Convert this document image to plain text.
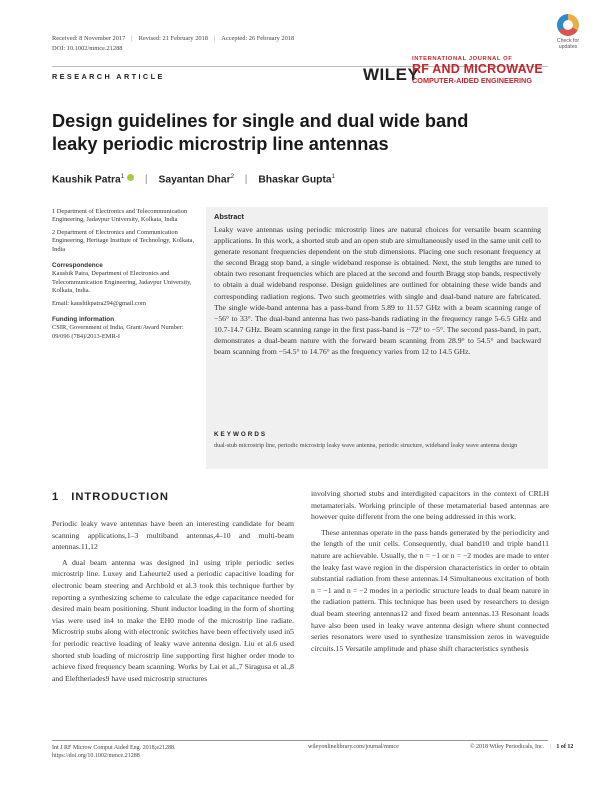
Received: 8 November 2017 | Revised: 21 February 2018 | Accepted: 26 February 2018
DOI: 10.1002/mmce.21288
Check for updates
RESEARCH ARTICLE	WILEY
INTERNATIONAL JOURNAL OF
RF AND MICROWAVE
COMPUTER-AIDED ENGINEERING
Design guidelines for single and dual wide band leaky periodic microstrip line antennas
Kaushik Patra$^1$ | Sayantan Dhar$^2$ | Bhaskar Gupta$^1$

1 Department of Electronics and Telecommunication Engineering, Jadavpur University, Kolkata, India

2 Department of Electronics and Communication Engineering, Heritage Institute of Technology, Kolkata, India

Correspondence

Kaushik Patra, Department of Electronics and Telecommunication Engineering, Jadavpur University, Kolkata, India.

Email: kaushikpatra294@gmail.com

Funding information

CSIR, Government of India, Grant/Award Number: 09/096 (784)/2013-EMR-I

Abstract
Leaky wave antennas using periodic microstrip lines are natural choices for versatile beam scanning applications. In this work, a shorted stub and an open stub are simultaneously used in the same unit cell to generate resonant frequencies dependent on the stub dimensions. Placing one such resonant frequency at the second Bragg stop band, a single wideband response is obtained. Next, the stub lengths are tuned to obtain two resonant frequencies which are placed at the second and fourth Bragg stop bands, respectively to obtain a dual wideband response. Design guidelines are outlined for obtaining these wide bands and corresponding radiation regions. Two such geometries with single and dual-band nature are fabricated. The single wide-band antenna has a pass-band from 5.89 to 11.57 GHz with a beam scanning range of −56° to 33°. The dual-band antenna has two pass-bands radiating in the frequency range 5-6.5 GHz and 10.7-14.7 GHz. Beam scanning range in the first pass-band is −72° to −5°. The second pass-band, in part, demonstrates a dual-beam nature with the forward beam scanning from 28.9° to 54.5° and backward beam scanning from −54.5° to 14.76° as the frequency varies from 12 to 14.5 GHz.
KEYWORDS
dual-stub microstrip line, periodic microstrip leaky wave antenna, periodic structure, wideband leaky wave antenna design
1 INTRODUCTION

Periodic leaky wave antennas have been an interesting candidate for beam scanning applications,1–3 multiband antennas,4–10 and multi-beam antennas.11,12

A dual beam antenna was designed in1 using triple periodic series microstrip line. Luxey and Laheurte2 used a periodic capacitive loading for electronic beam steering and Archbold et al.3 took this technique further by reporting a synthesizing scheme to calculate the edge capacitance needed for desired main beam positioning. Shunt inductor loading in the form of shorting vias were used in4 to make the EH0 mode of the microstrip line radiate. Microstrip stubs along with electronic switches have been effectively used in5 for periodic reactive loading of leaky wave antenna design. Liu et al.6 used shorted stub loading of microstrip line supporting first higher order mode to achieve fixed frequency beam scanning. Works by Lai et al.,7 Siragusa et al.,8 and Eleftheriades9 have used microstrip structures

involving shorted stubs and interdigited capacitors in the context of CRLH metamaterials. Working principle of these metamaterial based antennas are however quite different from the one being addressed in this work.

These antennas operate in the pass bands generated by the periodicity and the length of the unit cells. Consequently, dual band10 and triple band11 nature are achievable. Usually, the n = −1 or n = −2 modes are made to enter the leaky fast wave region in the dispersion characteristics in order to obtain substantial radiation from these antennas.14 Simultaneous excitation of both n = −1 and n = −2 modes in a periodic structure leads to dual beam nature in the radiation pattern. This technique has been used by researchers to design dual beam steering antennas12 and fixed beam antennas.13 Resonant loads have also been used in leaky wave antenna design where shunt connected series resonators were used to synthesize transmission zeros in waveguide circuits.15 Versatile amplitude and phase shift characteristics synthesis

Int J RF Microw Comput Aided Eng. 2018;e21288.
https://doi.org/10.1002/mmce.21288
wileyonlinelibrary.com/journal/mmce	© 2018 Wiley Periodicals, Inc. | 1 of 12
